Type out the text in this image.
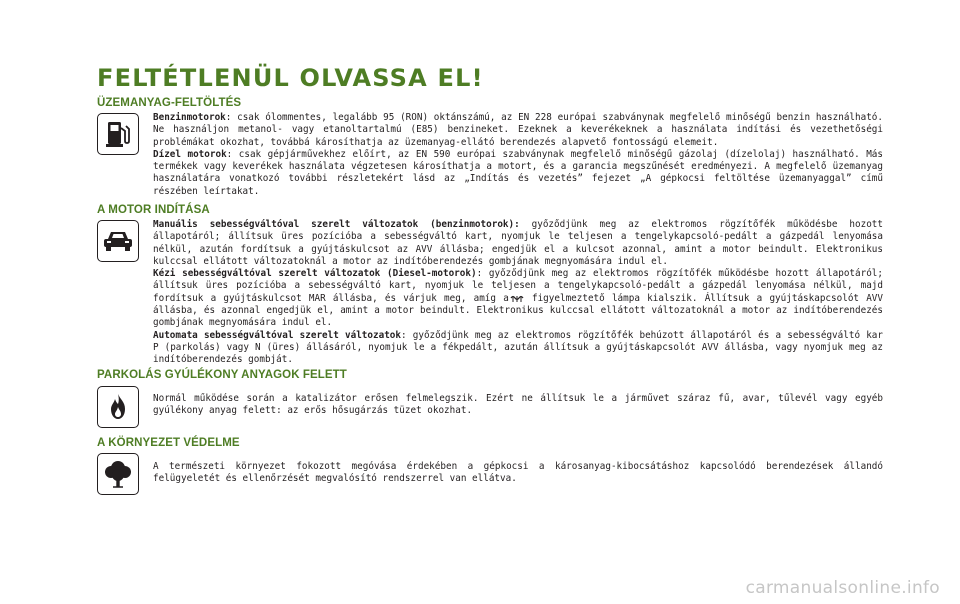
FELTÉTLENÜL OLVASSA EL!
ÜZEMANYAG-FELTÖLTÉS

Benzinmotorok: csak ólommentes, legalább 95 (RON) oktánszámú, az EN 228 európai szabványnak megfelelő minőségű benzin használható. Ne használjon metanol- vagy etanoltartalmú (E85) benzineket. Ezeknek a keverékeknek a használata indítási és vezethetőségi problémákat okozhat, továbbá károsíthatja az üzemanyag-ellátó berendezés alapvető fontosságú elemeit.

Dízel motorok: csak gépjárművekhez előírt, az EN 590 európai szabványnak megfelelő minőségű gázolaj (dízelolaj) használható. Más termékek vagy keverékek használata végzetesen károsíthatja a motort, és a garancia megszűnését eredményezi. A megfelelő üzemanyag használatára vonatkozó további részletekért lásd az „Indítás és vezetés” fejezet „A gépkocsi feltöltése üzemanyaggal” című részében leírtakat.

A MOTOR INDÍTÁSA

Manuális sebességváltóval szerelt változatok (benzinmotorok): győződjünk meg az elektromos rögzítőfék működésbe hozott állapotáról; állítsuk üres pozícióba a sebességváltó kart, nyomjuk le teljesen a tengelykapcsoló-pedált a gázpedál lenyomása nélkül, azután fordítsuk a gyújtáskulcsot az AVV állásba; engedjük el a kulcsot azonnal, amint a motor beindult. Elektronikus kulccsal ellátott változatoknál a motor az indítóberendezés gombjának megnyomására indul el.

Kézi sebességváltóval szerelt változatok (Diesel-motorok): győződjünk meg az elektromos rögzítőfék működésbe hozott állapotáról; állítsuk üres pozícióba a sebességváltó kart, nyomjuk le teljesen a tengelykapcsoló-pedált a gázpedál lenyomása nélkül, majd fordítsuk a gyújtáskulcsot MAR állásba, és várjuk meg, amíg a figyelmeztető lámpa kialszik. Állítsuk a gyújtáskapcsolót AVV állásba, és azonnal engedjük el, amint a motor beindult. Elektronikus kulccsal ellátott változatoknál a motor az indítóberendezés gombjának megnyomására indul el.

Automata sebességváltóval szerelt változatok: győződjünk meg az elektromos rögzítőfék behúzott állapotáról és a sebességváltó kar P (parkolás) vagy N (üres) állásáról, nyomjuk le a fékpedált, azután állítsuk a gyújtáskapcsolót AVV állásba, vagy nyomjuk meg az indítóberendezés gombját.

PARKOLÁS GYÚLÉKONY ANYAGOK FELETT

Normál működése során a katalizátor erősen felmelegszik. Ezért ne állítsuk le a járművet száraz fű, avar, tűlevél vagy egyéb gyúlékony anyag felett: az erős hősugárzás tüzet okozhat.

A KÖRNYEZET VÉDELME

A természeti környezet fokozott megóvása érdekében a gépkocsi a károsanyag-kibocsátáshoz kapcsolódó berendezések állandó felügyeletét és ellenőrzését megvalósító rendszerrel van ellátva.

carmanualsonline.info
